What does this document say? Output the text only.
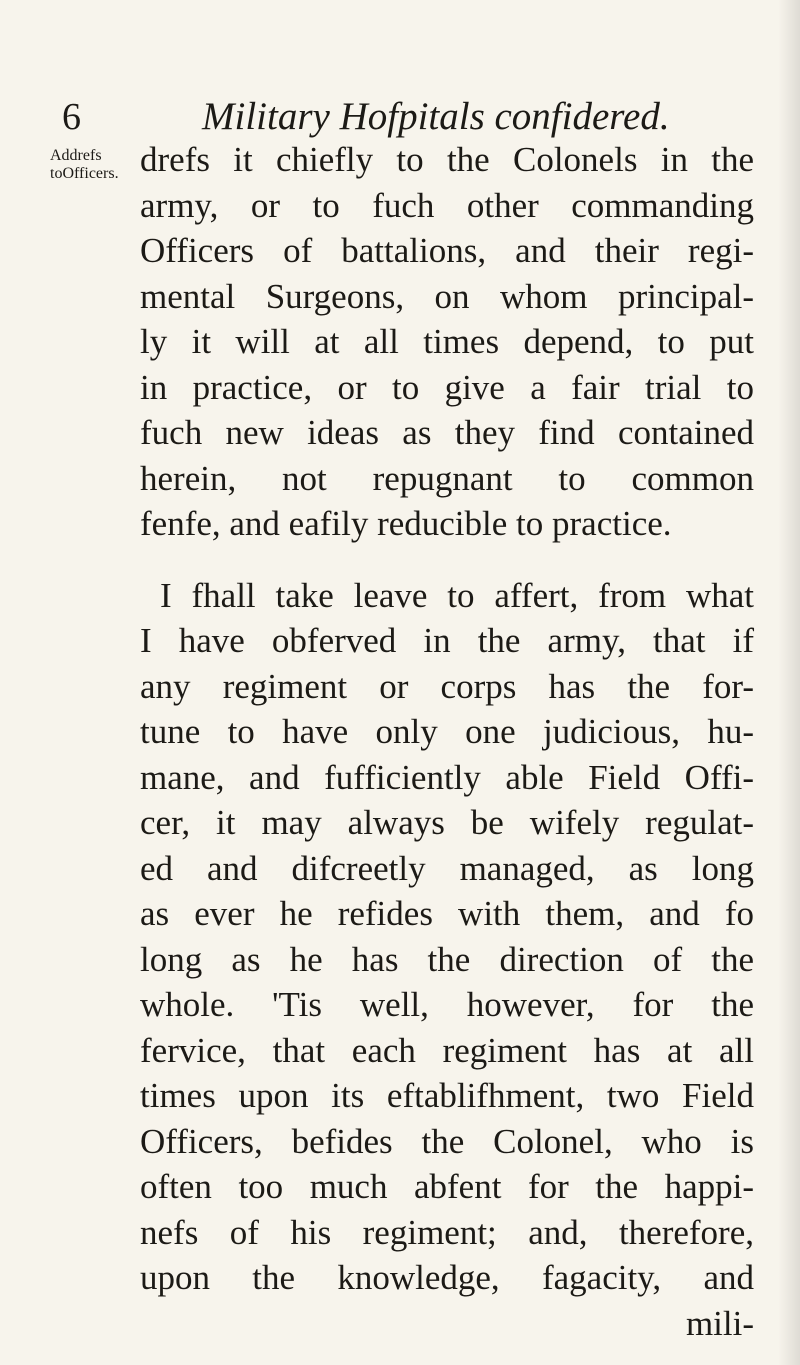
6	Military Hofpitals confidered.
Addrefs
toOfficers. drefs it chiefly to the Colonels in the
army, or to fuch other commanding
Officers of battalions, and their regi-
mental Surgeons, on whom principal-
ly it will at all times depend, to put
in practice, or to give a fair trial to
fuch new ideas as they find contained
herein, not repugnant to common
fenfe, and eafily reducible to practice.
I fhall take leave to affert, from what
I have obferved in the army, that if
any regiment or corps has the for-
tune to have only one judicious, hu-
mane, and fufficiently able Field Offi-
cer, it may always be wifely regulat-
ed and difcreetly managed, as long
as ever he refides with them, and fo
long as he has the direction of the
whole. 'Tis well, however, for the
fervice, that each regiment has at all
times upon its eftablifhment, two Field
Officers, befides the Colonel, who is
often too much abfent for the happi-
nefs of his regiment; and, therefore,
upon the knowledge, fagacity, and
mili-
